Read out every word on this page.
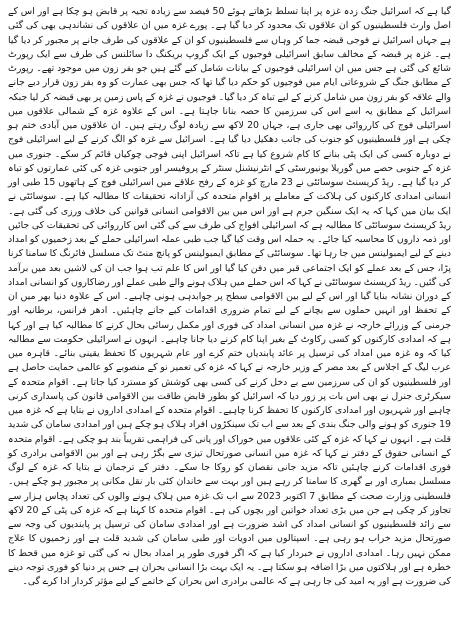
گیا ہے کہ اسرائیل جنگ زدہ غزہ پر اپنا تسلط بڑھاتے ہوئے 50 فیصد سے زیادہ تجیہ پر قابض ہو چکا ہے اور اس کے اصل وارث فلسطینیوں کو ان علاقوں تک محدود کر دیا گیا ہے۔ پورے غزہ میں ان علاقوں کی نشاندہی بھی کی گئی ہے جہاں اسرائیل نے فوجی قبضہ جما کر وہاں سے فلسطینیوں کو ان کے علاقوں کی طرف جانے پر مجبور کر دیا گیا ہے۔ غزہ پر قبضہ کے مخالف سابق اسرائیلی فوجیوں کے ایک گروپ بریکنگ دا سائلنس کی طرف سے ایک رپورٹ شائع کی گئی ہے جس میں ان اسرائیلی فوجیوں کے بیانات شامل کیے گئے ہیں جو بفر زون میں موجود تھے۔ رپورٹ کے مطابق جنگ کے شروعاتی ایام میں فوجیوں کو حکم دیا گیا تھا کہ جس بھی عمارت کو وہ بفر زون قرار دیے جانے والے علاقہ کو بفر زون میں شامل کرنے کے لیے تباہ کر دیا گیا۔ فوجیوں نے غزہ کے پاس زمین پر بھی قبضہ کر لیا جبکہ اسرائیل کے مطابق یہ اسے اس کی سرزمین کا حصہ بنانا جاہتا ہے۔ اس کے علاوہ غزہ کے شمالی علاقوں میں اسرائیلی فوج کی کارروائی بھی جاری ہے، جہاں 20 لاکھ سے زیادہ لوگ رہتے ہیں۔ ان علاقوں میں آبادی ختم ہو چکی ہے اور فلسطینیوں کو جنوب کی جانب دھکیل دیا گیا ہے۔ اسرائیل سے غزہ کو الگ کرنے کے لیے اسرائیلی فوج نے دوبارہ کسی کی ایک پٹی بنانے کا کام شروع کیا ہے تاکہ اسرائیل اپنی فوجی چوکیاں قائم کر سکے۔ جنوری میں غزہ کے جنوبی حصے میں گوریلا یونیورسٹی کے انٹرنیشنل سنٹر کے پروفیسر اور جنوبی غزہ کی کئی عمارتوں کو تباہ کر دیا گیا ہے۔ ریڈ کریسنٹ سوسائٹی نے 23 مارچ کو غزہ کے رفح علاقے میں اسرائیلی فوج کے ہاتھوں 15 طبی اور انسانی امدادی کارکنوں کی ہلاکت کے معاملے پر اقوام متحدہ کی آزادانہ تحقیقات کا مطالبہ کیا ہے۔ سوسائٹی نے ایک بیان میں کہا کہ یہ ایک سنگین جرم ہے اور اس میں بین الاقوامی انسانی قوانین کی خلاف ورزی کی گئی ہے۔ ریڈ کریسنٹ سوسائٹی کا مطالبہ ہے کہ اسرائیلی افواج کی طرف سے کی گئی اس کارروائی کی تحقیقات کی جائیں اور ذمہ داروں کا محاسبہ کیا جائے۔ یہ حملہ اس وقت کیا گیا جب طبی عملہ اسرائیلی حملے کے بعد زخمیوں کو امداد دینے کے لیے ایمبولینس میں جا رہا تھا۔ سوسائٹی کے مطابق ایمبولینس کو پانچ منٹ تک مسلسل فائرنگ کا سامنا کرنا پڑا، جس کے بعد عملے کو ایک اجتماعی قبر میں دفن کیا گیا اور اس کا علم تب ہوا جب ان کی لاشیں بعد میں برآمد کی گئیں۔ ریڈ کریسنٹ سوسائٹی نے کہا کہ اس حملے میں ہلاک ہونے والے طبی عملے اور رضاکاروں کو انسانی امداد کے دوران نشانہ بنایا گیا اور اس کے لیے بین الاقوامی سطح پر جوابدہی ہونی چاہیے۔ اس کے علاوہ دنیا بھر میں ان کے تحفظ اور انہیں حملوں سے بچانے کے لیے تمام ضروری اقدامات کیے جانے چاہئیں۔ ادھر فرانس، برطانیہ اور جرمنی کے وزرائے خارجہ نے غزہ میں انسانی امداد کی فوری اور مکمل رسائی بحال کرنے کا مطالبہ کیا ہے اور کہا ہے کہ امدادی کارکنوں کو کسی رکاوٹ کے بغیر اپنا کام کرنے دیا جانا چاہیے۔ انہوں نے اسرائیلی حکومت سے مطالبہ کیا کہ وہ غزہ میں امداد کی ترسیل پر عائد پابندیاں ختم کرے اور عام شہریوں کا تحفظ یقینی بنائے۔ قاہرہ میں عرب لیگ کے اجلاس کے بعد مصر کے وزیر خارجہ نے کہا کہ غزہ کی تعمیر نو کے منصوبے کو عالمی حمایت حاصل ہے اور فلسطینیوں کو ان کی سرزمین سے بے دخل کرنے کی کسی بھی کوشش کو مسترد کیا جاتا ہے۔ اقوام متحدہ کے سیکرٹری جنرل نے بھی اس بات پر زور دیا کہ اسرائیل کو بطور قابض طاقت بین الاقوامی قانون کی پاسداری کرنی چاہیے اور شہریوں اور امدادی کارکنوں کا تحفظ کرنا چاہیے۔ اقوام متحدہ کے امدادی اداروں نے بتایا ہے کہ غزہ میں 19 جنوری کو ہونے والی جنگ بندی کے بعد سے اب تک سینکڑوں افراد ہلاک ہو چکے ہیں اور امدادی سامان کی شدید قلت ہے۔ انہوں نے کہا کہ غزہ کے کئی علاقوں میں خوراک اور پانی کی فراہمی تقریباً بند ہو چکی ہے۔ اقوام متحدہ کے انسانی حقوق کے دفتر نے کہا کہ غزہ میں انسانی صورتحال تیزی سے بگڑ رہی ہے اور بین الاقوامی برادری کو فوری اقدامات کرنے چاہئیں تاکہ مزید جانی نقصان کو روکا جا سکے۔ دفتر کے ترجمان نے بتایا کہ غزہ کے لوگ مسلسل بمباری اور بے گھری کا سامنا کر رہے ہیں اور بہت سے خاندان کئی بار نقل مکانی پر مجبور ہو چکے ہیں۔ فلسطینی وزارت صحت کے مطابق 7 اکتوبر 2023 سے اب تک غزہ میں ہلاک ہونے والوں کی تعداد پچاس ہزار سے تجاوز کر چکی ہے جن میں بڑی تعداد خواتین اور بچوں کی ہے۔ اقوام متحدہ کا کہنا ہے کہ غزہ کی پٹی کے 20 لاکھ سے زائد فلسطینیوں کو انسانی امداد کی اشد ضرورت ہے اور امدادی سامان کی ترسیل پر پابندیوں کی وجہ سے صورتحال مزید خراب ہو رہی ہے۔ اسپتالوں میں ادویات اور طبی سامان کی شدید قلت ہے اور زخمیوں کا علاج ممکن نہیں رہا۔ امدادی اداروں نے خبردار کیا ہے کہ اگر فوری طور پر امداد بحال نہ کی گئی تو غزہ میں قحط کا خطرہ ہے اور ہلاکتوں میں بڑا اضافہ ہو سکتا ہے۔ یہ ایک بہت بڑا انسانی بحران ہے جس پر دنیا کو فوری توجہ دینے کی ضرورت ہے اور یہ امید کی جا رہی ہے کہ عالمی برادری اس بحران کے خاتمے کے لیے مؤثر کردار ادا کرے گی۔
